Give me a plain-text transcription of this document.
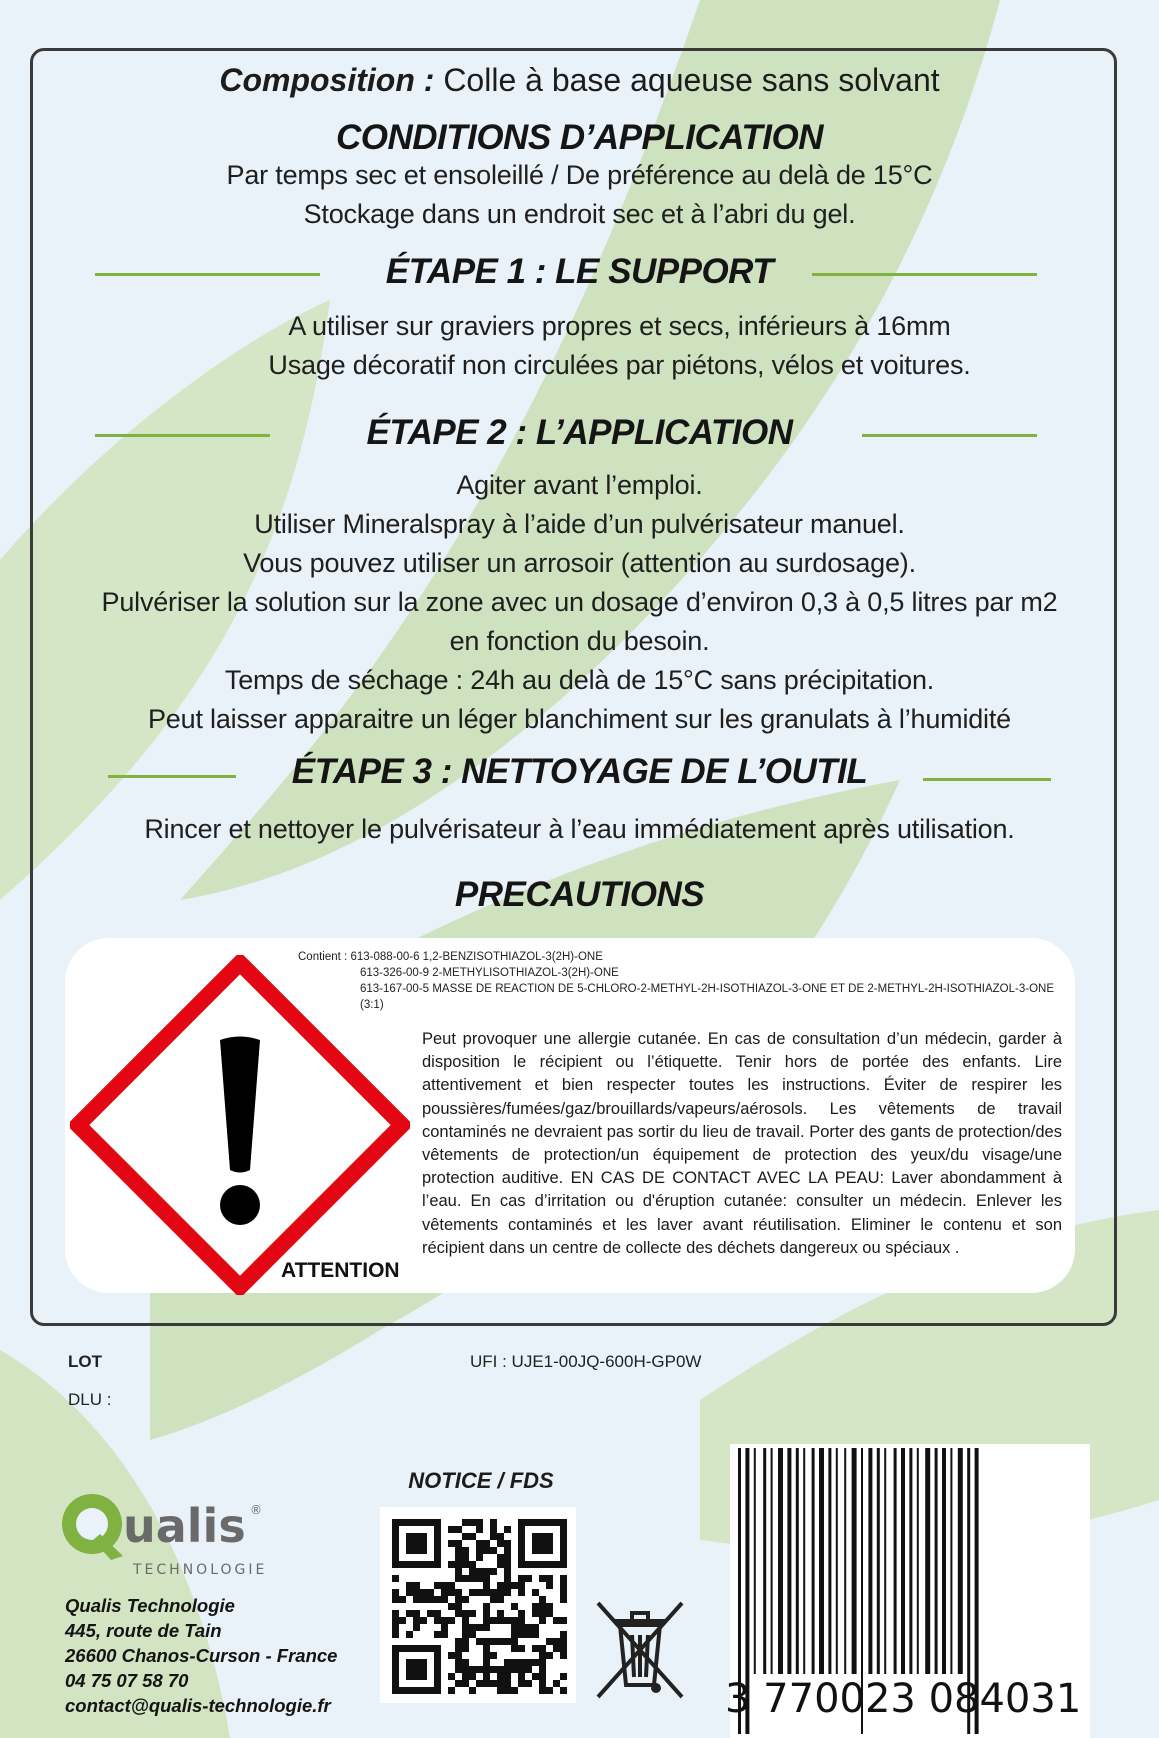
Composition : Colle à base aqueuse sans solvant
CONDITIONS D’APPLICATION
Par temps sec et ensoleillé / De préférence au delà de 15°C
Stockage dans un endroit sec et à l’abri du gel.
ÉTAPE 1 : LE SUPPORT
A utiliser sur graviers propres et secs, inférieurs à 16mm
Usage décoratif non circulées par piétons, vélos et voitures.
ÉTAPE 2 : L’APPLICATION
Agiter avant l’emploi.
Utiliser Mineralspray à l’aide d’un pulvérisateur manuel.
Vous pouvez utiliser un arrosoir (attention au surdosage).
Pulvériser la solution sur la zone avec un dosage d’environ 0,3 à 0,5 litres par m2
en fonction du besoin.
Temps de séchage : 24h au delà de 15°C sans précipitation.
Peut laisser apparaitre un léger blanchiment sur les granulats à l’humidité
ÉTAPE 3 : NETTOYAGE DE L’OUTIL
Rincer et nettoyer le pulvérisateur à l’eau immédiatement après utilisation.
PRECAUTIONS
Contient : 613-088-00-6 1,2-BENZISOTHIAZOL-3(2H)-ONE
613-326-00-9 2-METHYLISOTHIAZOL-3(2H)-ONE
613-167-00-5 MASSE DE REACTION DE 5-CHLORO-2-METHYL-2H-ISOTHIAZOL-3-ONE ET DE 2-METHYL-2H-ISOTHIAZOL-3-ONE (3:1)
Peut provoquer une allergie cutanée. En cas de consultation d’un médecin, garder à disposition le récipient ou l’étiquette. Tenir hors de portée des enfants. Lire attentivement et bien respecter toutes les instructions. Éviter de respirer les poussières/fumées/gaz/brouillards/vapeurs/aérosols. Les vêtements de travail contaminés ne devraient pas sortir du lieu de travail. Porter des gants de protection/des vêtements de protection/un équipement de protection des yeux/du visage/une protection auditive. EN CAS DE CONTACT AVEC LA PEAU: Laver abondamment à l’eau. En cas d’irritation ou d'éruption cutanée: consulter un médecin. Enlever les vêtements contaminés et les laver avant réutilisation. Eliminer le contenu et son récipient dans un centre de collecte des déchets dangereux ou spéciaux .
ATTENTION
LOT	UFI : UJE1-00JQ-600H-GP0W
DLU :
ualis ®
TECHNOLOGIE
Qualis Technologie
445, route de Tain
26600 Chanos-Curson - France
04 75 07 58 70
contact@qualis-technologie.fr
NOTICE / FDS
3 770023 084031
